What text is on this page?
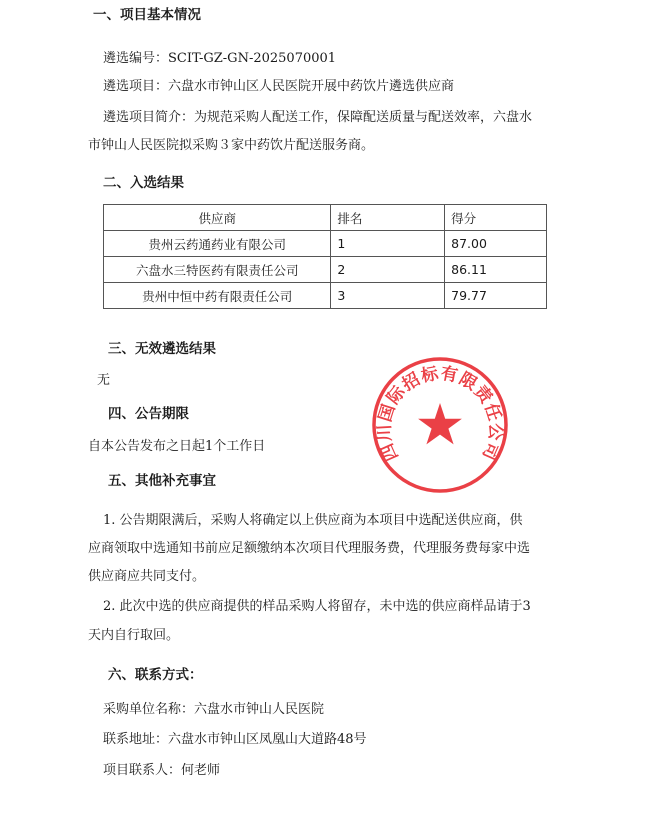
一、项目基本情况
遴选编号：SCIT-GZ-GN-2025070001
遴选项目：六盘水市钟山区人民医院开展中药饮片遴选供应商
遴选项目简介：为规范采购人配送工作，保障配送质量与配送效率，六盘水
市钟山人民医院拟采购３家中药饮片配送服务商。
二、入选结果
供应商	排名	得分
贵州云药通药业有限公司	1	87.00
六盘水三特医药有限责任公司	2	86.11
贵州中恒中药有限责任公司	3	79.77
三、无效遴选结果
无
四、公告期限
自本公告发布之日起1个工作日
五、其他补充事宜
1. 公告期限满后，采购人将确定以上供应商为本项目中选配送供应商，供
应商领取中选通知书前应足额缴纳本次项目代理服务费，代理服务费每家中选
供应商应共同支付。
2. 此次中选的供应商提供的样品采购人将留存，未中选的供应商样品请于3
天内自行取回。
六、联系方式：
采购单位名称：六盘水市钟山人民医院
联系地址：六盘水市钟山区凤凰山大道路48号
项目联系人：何老师
四川国际招标有限责任公司
